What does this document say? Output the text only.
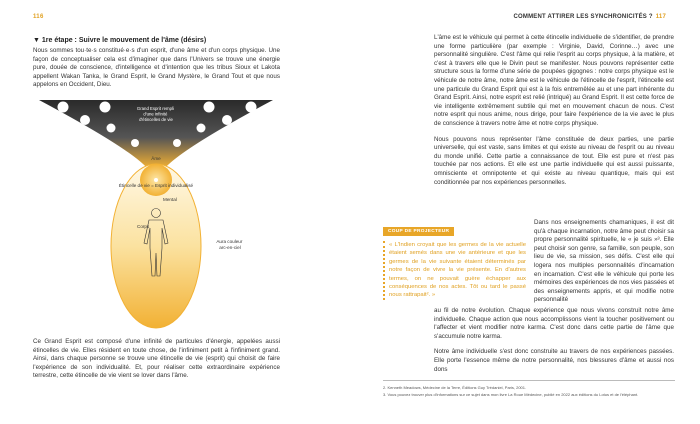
116
▼ 1re étape : Suivre le mouvement de l'âme (désirs)

Nous sommes tou·te·s constitué·e·s d'un esprit, d'une âme et d'un corps physique. Une façon de conceptualiser cela est d'imaginer que dans l'Univers se trouve une énergie pure, douée de conscience, d'intelligence et d'intention que les tribus Sioux et Lakota appellent Wakan Tanka, le Grand Esprit, le Grand Mystère, le Grand Tout et que nous appelons en Occident, Dieu.

Grand Esprit rempli d'une infinité d'étincelles de vie
Âme
Étincelle de vie = Esprit individualisé
Mental
Corps
Aura couleur arc-en-ciel

Ce Grand Esprit est composé d'une infinité de particules d'énergie, appelées aussi étincelles de vie. Elles résident en toute chose, de l'infiniment petit à l'infiniment grand. Ainsi, dans chaque personne se trouve une étincelle de vie (esprit) qui choisit de faire l'expérience de son individualité. Et, pour réaliser cette extraordinaire expérience terrestre, cette étincelle de vie vient se lover dans l'âme.

COMMENT ATTIRER LES SYNCHRONICITÉS ? 117

L'âme est le véhicule qui permet à cette étincelle individuelle de s'identifier, de prendre une forme particulière (par exemple : Virginie, David, Corinne…) avec une personnalité singulière. C'est l'âme qui relie l'esprit au corps physique, à la matière, et c'est à travers elle que le Divin peut se manifester. Nous pouvons représenter cette structure sous la forme d'une série de poupées gigognes : notre corps physique est le véhicule de notre âme, notre âme est le véhicule de l'étincelle de l'esprit, l'étincelle est une particule du Grand Esprit qui est à la fois entremêlée au et une part inhérente du Grand Esprit. Ainsi, notre esprit est relié (intriqué) au Grand Esprit. Il est cette force de vie intelligente extrêmement subtile qui met en mouvement chacun de nous. C'est notre esprit qui nous anime, nous dirige, pour faire l'expérience de la vie avec le plus de conscience à travers notre âme et notre corps physique.

Nous pouvons nous représenter l'âme constituée de deux parties, une partie universelle, qui est vaste, sans limites et qui existe au niveau de l'esprit ou au niveau du monde unifié. Cette partie a connaissance de tout. Elle est pure et n'est pas touchée par nos actions. Et elle est une partie individuelle qui est aussi puissante, omnisciente et omnipotente et qui existe au niveau quantique, mais qui est conditionnée par nos expériences personnelles.

COUP DE PROJECTEUR
« L'Indien croyait que les germes de la vie actuelle étaient semés dans une vie antérieure et que les germes de la vie suivante étaient déterminés par notre façon de vivre la vie présente. En d'autres termes, on ne pouvait guère échapper aux conséquences de nos actes. Tôt ou tard le passé nous rattrapait². »

Dans nos enseignements chamaniques, il est dit qu'à chaque incarnation, notre âme peut choisir sa propre personnalité spirituelle, le « je suis »³. Elle peut choisir son genre, sa famille, son peuple, son lieu de vie, sa mission, ses défis. C'est elle qui logera nos multiples personnalités d'incarnation en incarnation. C'est elle le véhicule qui porte les mémoires des expériences de nos vies passées et des enseignements appris, et qui modifie notre personnalité

au fil de notre évolution. Chaque expérience que nous vivons construit notre âme individuelle. Chaque action que nous accomplissons vient la toucher positivement ou l'affecter et vient modifier notre karma. C'est donc dans cette partie de l'âme que s'accumule notre karma.

Notre âme individuelle s'est donc construite au travers de nos expériences passées. Elle porte l'essence même de notre personnalité, nos blessures d'âme et aussi nos dons

2. Kenneth Meadows, Médecine de la Terre, Éditions Guy Trédaniel, Paris, 2001.
3. Vous pouvez trouver plus d'informations sur ce sujet dans mon livre La Roue Médecine, publié en 2022 aux éditions du Lotus et de l'éléphant.
